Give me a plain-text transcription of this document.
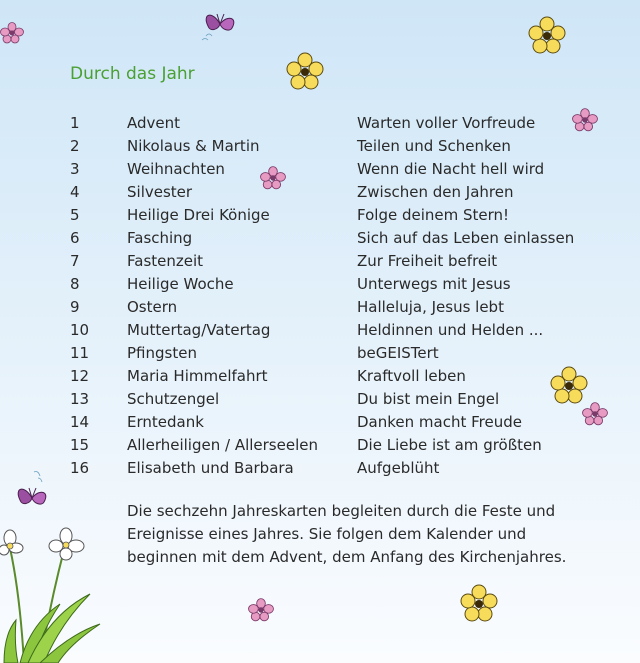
Durch das Jahr
1	Advent	Warten voller Vorfreude
2	Nikolaus & Martin	Teilen und Schenken
3	Weihnachten	Wenn die Nacht hell wird
4	Silvester	Zwischen den Jahren
5	Heilige Drei Könige	Folge deinem Stern!
6	Fasching	Sich auf das Leben einlassen
7	Fastenzeit	Zur Freiheit befreit
8	Heilige Woche	Unterwegs mit Jesus
9	Ostern	Halleluja, Jesus lebt
10	Muttertag/Vatertag	Heldinnen und Helden ...
11	Pfingsten	beGEISTert
12	Maria Himmelfahrt	Kraftvoll leben
13	Schutzengel	Du bist mein Engel
14	Erntedank	Danken macht Freude
15	Allerheiligen / Allerseelen	Die Liebe ist am größten
16	Elisabeth und Barbara	Aufgeblüht

Die sechzehn Jahreskarten begleiten durch die Feste und Ereignisse eines Jahres. Sie folgen dem Kalender und beginnen mit dem Advent, dem Anfang des Kirchenjahres.
